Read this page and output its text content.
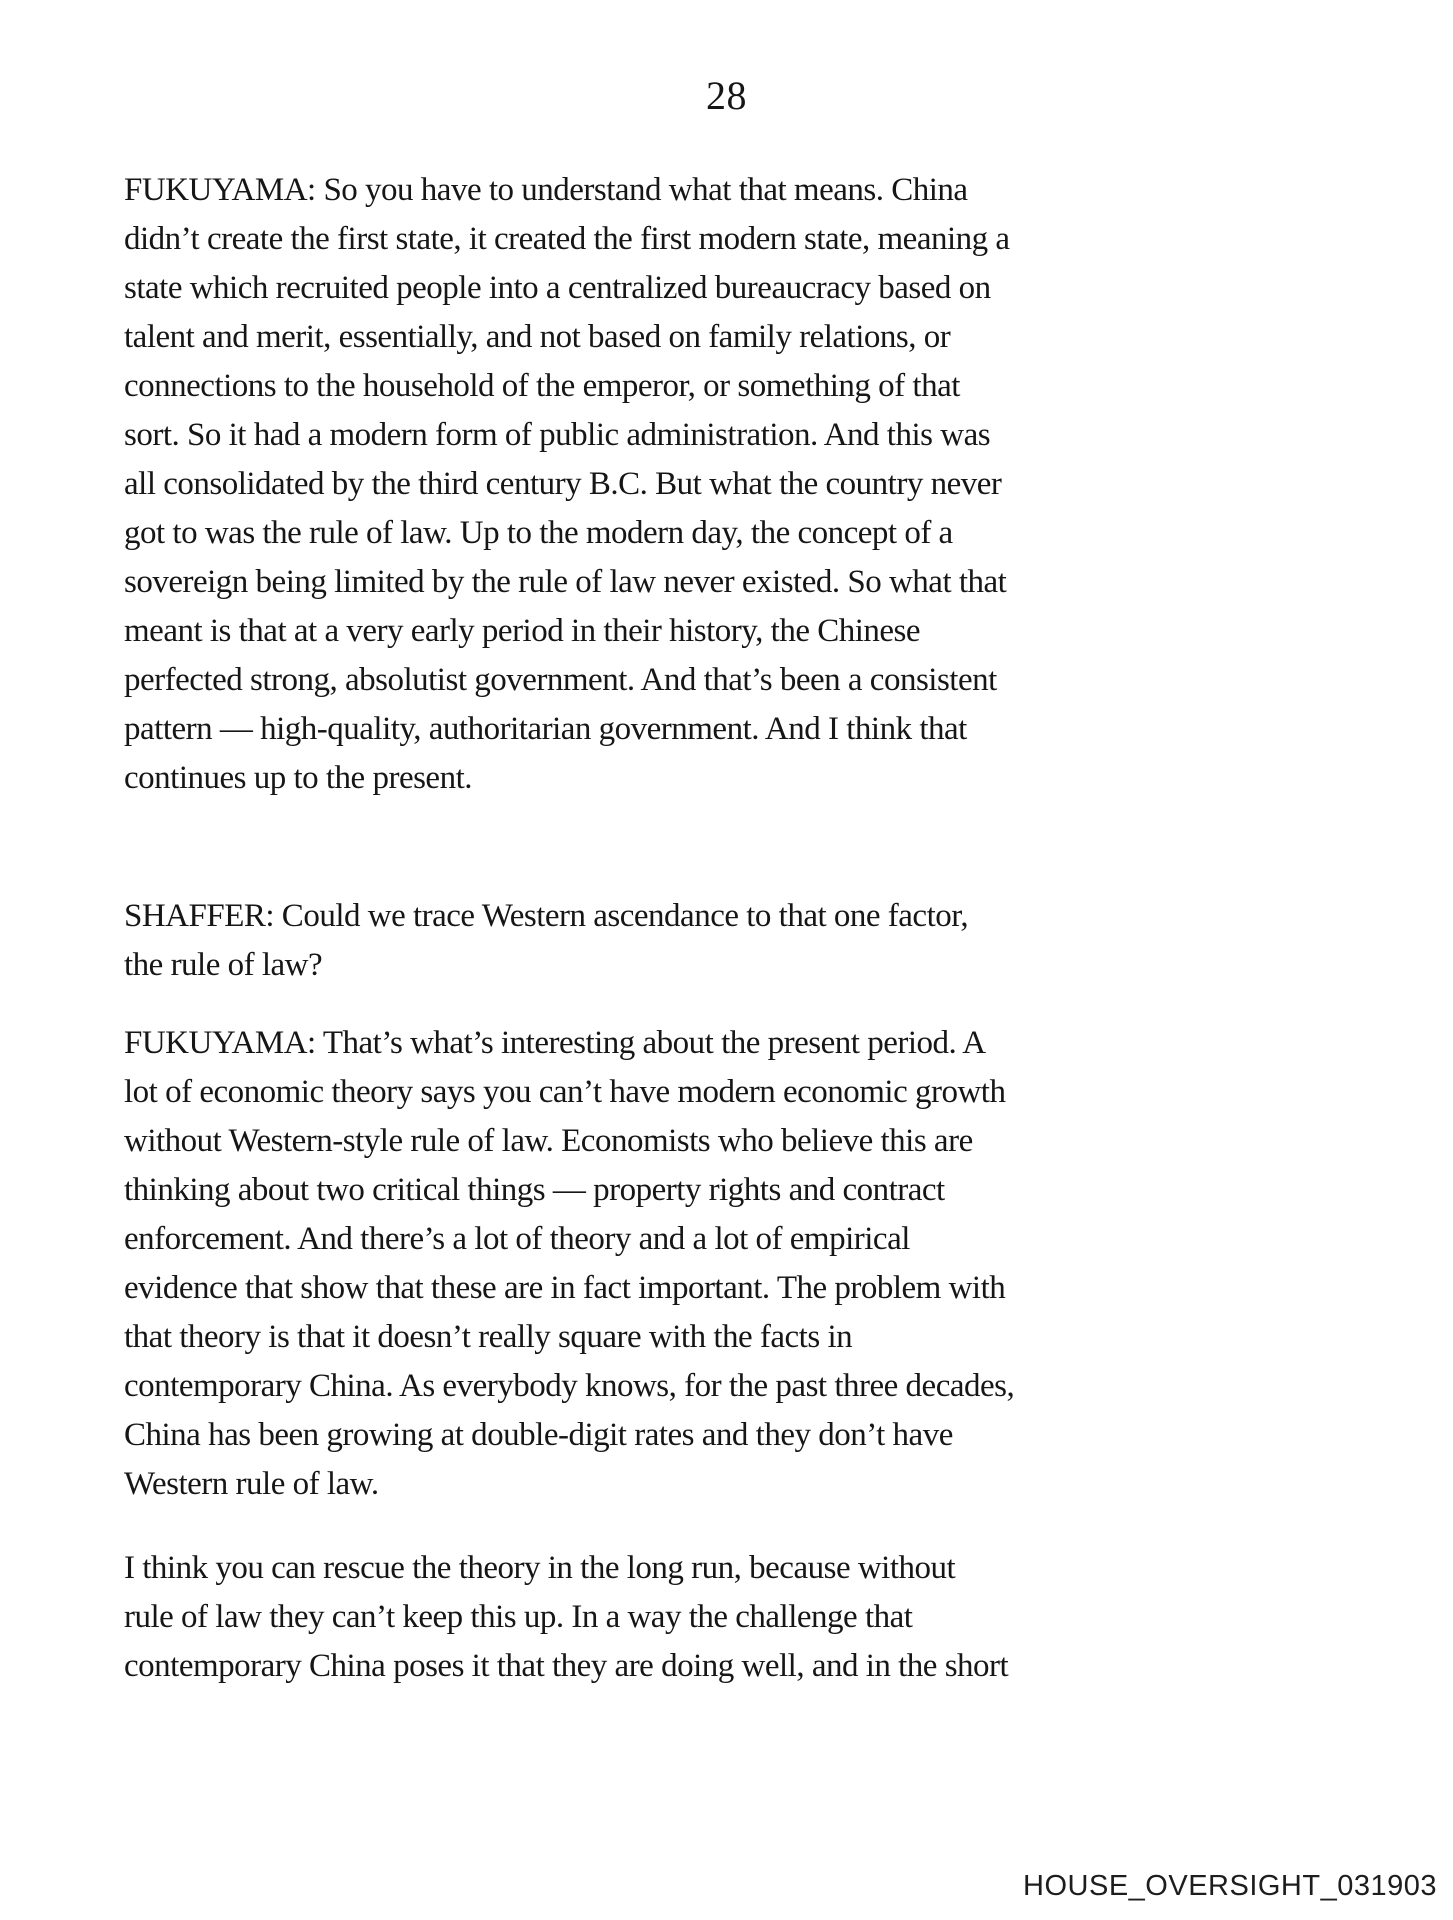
28

FUKUYAMA: So you have to understand what that means. China
didn’t create the first state, it created the first modern state, meaning a
state which recruited people into a centralized bureaucracy based on
talent and merit, essentially, and not based on family relations, or
connections to the household of the emperor, or something of that
sort. So it had a modern form of public administration. And this was
all consolidated by the third century B.C. But what the country never
got to was the rule of law. Up to the modern day, the concept of a
sovereign being limited by the rule of law never existed. So what that
meant is that at a very early period in their history, the Chinese
perfected strong, absolutist government. And that’s been a consistent
pattern — high-quality, authoritarian government. And I think that
continues up to the present.

SHAFFER: Could we trace Western ascendance to that one factor,
the rule of law?

FUKUYAMA: That’s what’s interesting about the present period. A
lot of economic theory says you can’t have modern economic growth
without Western-style rule of law. Economists who believe this are
thinking about two critical things — property rights and contract
enforcement. And there’s a lot of theory and a lot of empirical
evidence that show that these are in fact important. The problem with
that theory is that it doesn’t really square with the facts in
contemporary China. As everybody knows, for the past three decades,
China has been growing at double-digit rates and they don’t have
Western rule of law.

I think you can rescue the theory in the long run, because without
rule of law they can’t keep this up. In a way the challenge that
contemporary China poses it that they are doing well, and in the short

HOUSE_OVERSIGHT_031903
